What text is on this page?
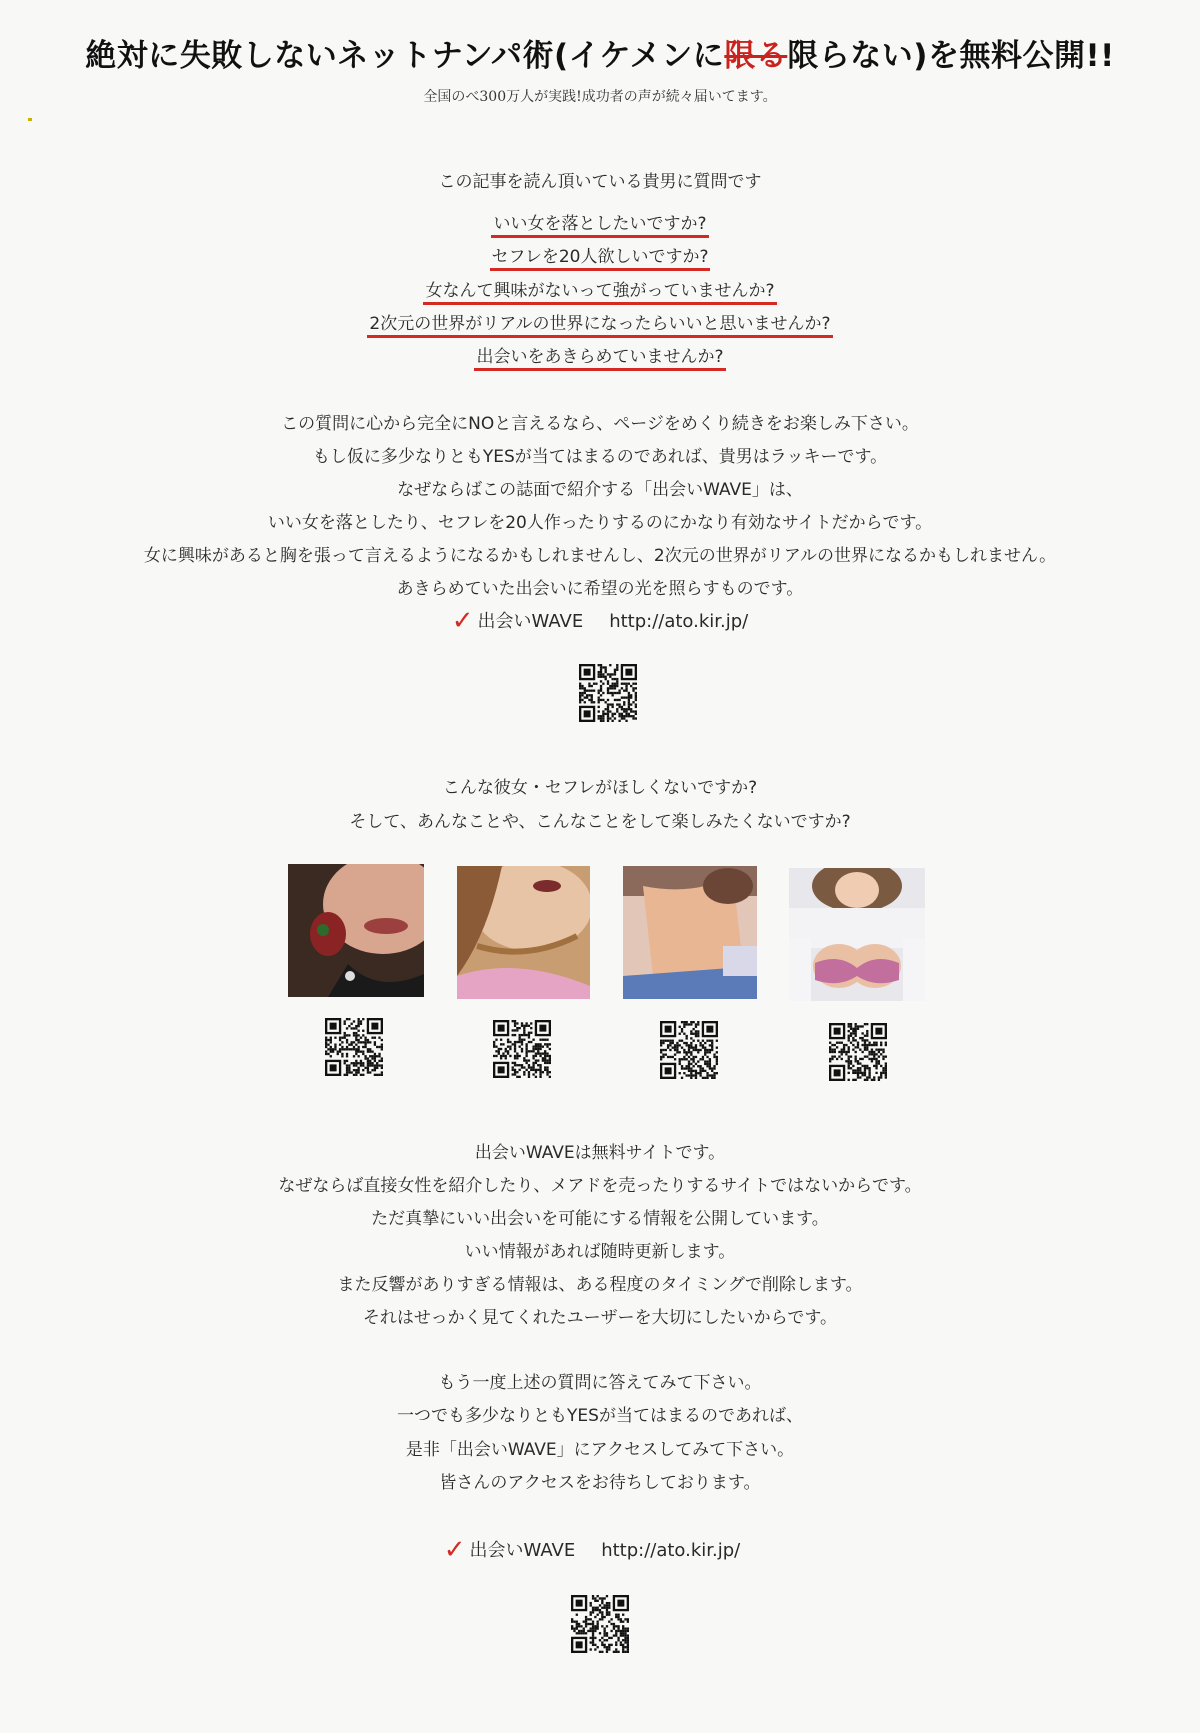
絶対に失敗しないネットナンパ術(イケメンに限る限らない)を無料公開!!
全国のべ300万人が実践!成功者の声が続々届いてます。
この記事を読ん頂いている貴男に質問です
いい女を落としたいですか?
セフレを20人欲しいですか?
女なんて興味がないって強がっていませんか?
2次元の世界がリアルの世界になったらいいと思いませんか?
出会いをあきらめていませんか?
この質問に心から完全にNOと言えるなら、ページをめくり続きをお楽しみ下さい。
もし仮に多少なりともYESが当てはまるのであれば、貴男はラッキーです。
なぜならばこの誌面で紹介する「出会いWAVE」は、
いい女を落としたり、セフレを20人作ったりするのにかなり有効なサイトだからです。
女に興味があると胸を張って言えるようになるかもしれませんし、2次元の世界がリアルの世界になるかもしれません。
あきらめていた出会いに希望の光を照らすものです。
✓ 出会いWAVE http://ato.kir.jp/
こんな彼女・セフレがほしくないですか?
そして、あんなことや、こんなことをして楽しみたくないですか?
出会いWAVEは無料サイトです。
なぜならば直接女性を紹介したり、メアドを売ったりするサイトではないからです。
ただ真摯にいい出会いを可能にする情報を公開しています。
いい情報があれば随時更新します。
また反響がありすぎる情報は、ある程度のタイミングで削除します。
それはせっかく見てくれたユーザーを大切にしたいからです。
もう一度上述の質問に答えてみて下さい。
一つでも多少なりともYESが当てはまるのであれば、
是非「出会いWAVE」にアクセスしてみて下さい。
皆さんのアクセスをお待ちしております。
✓ 出会いWAVE http://ato.kir.jp/
